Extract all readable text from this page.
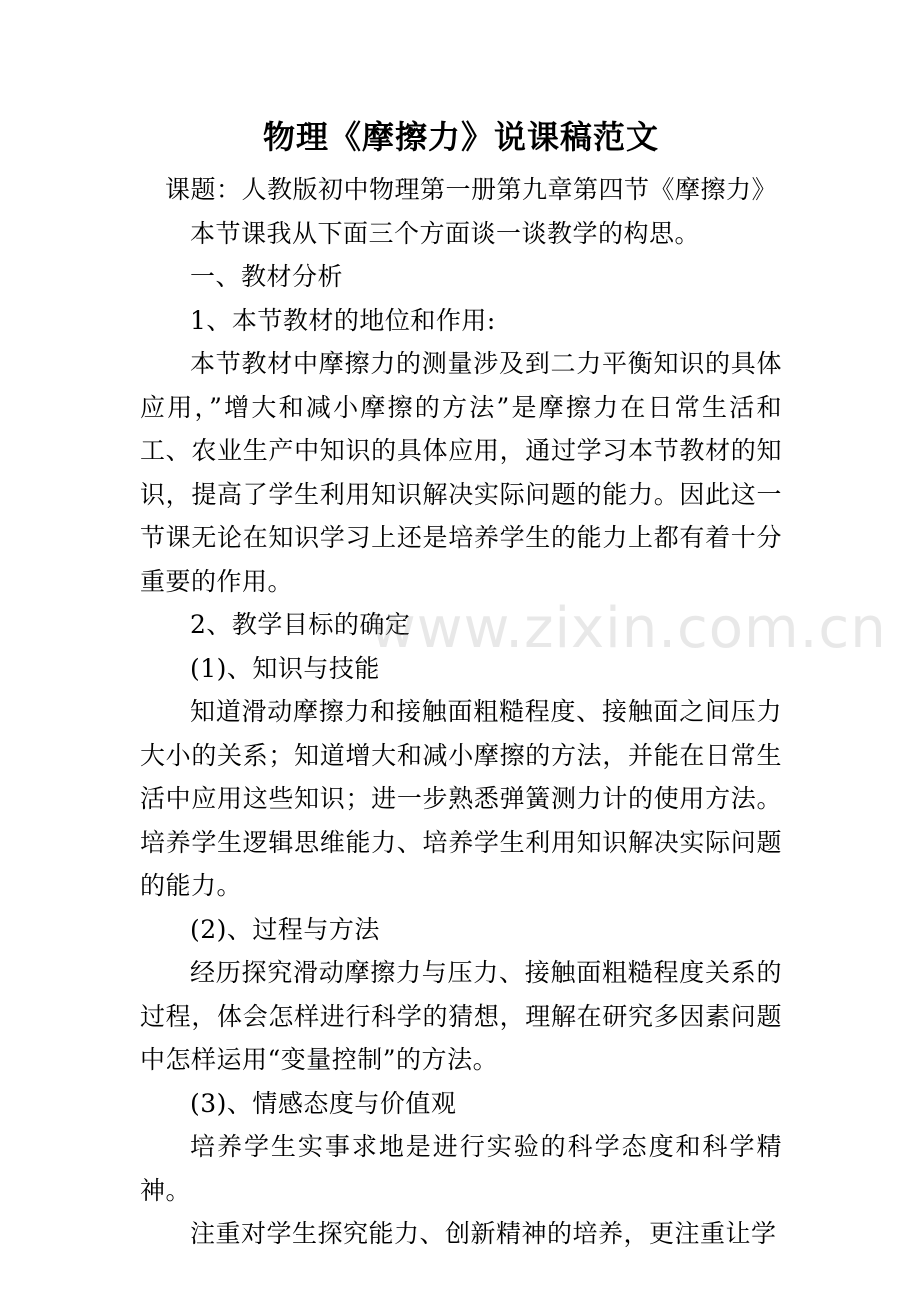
物理《摩擦力》说课稿范文

课题：人教版初中物理第一册第九章第四节《摩擦力》

本节课我从下面三个方面谈一谈教学的构思。

一、教材分析

1、本节教材的地位和作用:

本节教材中摩擦力的测量涉及到二力平衡知识的具体应用，”增大和减小摩擦的方法”是摩擦力在日常生活和工、农业生产中知识的具体应用，通过学习本节教材的知识，提高了学生利用知识解决实际问题的能力。因此这一节课无论在知识学习上还是培养学生的能力上都有着十分重要的作用。

2、教学目标的确定

(1)、知识与技能

知道滑动摩擦力和接触面粗糙程度、接触面之间压力大小的关系；知道增大和减小摩擦的方法，并能在日常生活中应用这些知识；进一步熟悉弹簧测力计的使用方法。培养学生逻辑思维能力、培养学生利用知识解决实际问题的能力。

(2)、过程与方法

经历探究滑动摩擦力与压力、接触面粗糙程度关系的过程，体会怎样进行科学的猜想，理解在研究多因素问题中怎样运用“变量控制”的方法。

(3)、情感态度与价值观

培养学生实事求地是进行实验的科学态度和科学精神。

注重对学生探究能力、创新精神的培养，更注重让学

www.zixin.com.cn
